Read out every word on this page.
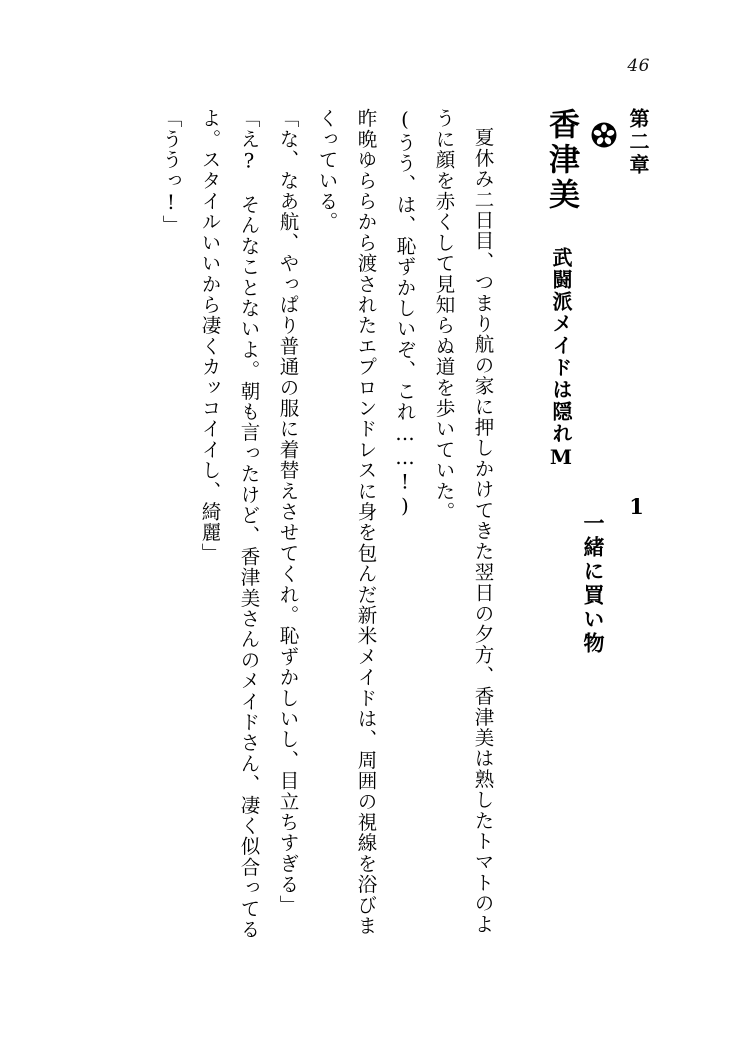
46
第二章
香津美 武闘派メイドは隠れM
1
一緒に買い物

夏休み二日目、つまり航の家に押しかけてきた翌日の夕方、香津美は熟したトマトのように顔を赤くして見知らぬ道を歩いていた。

(うう、は、恥ずかしいぞ、これ……!)

昨晩ゆららから渡されたエプロンドレスに身を包んだ新米メイドは、周囲の視線を浴びまくっている。

「な、なあ航、やっぱり普通の服に着替えさせてくれ。恥ずかしいし、目立ちすぎる」

「え?　そんなことないよ。朝も言ったけど、香津美さんのメイドさん、凄く似合ってるよ。スタイルいいから凄くカッコイイし、綺麗」

「ううっ!」
